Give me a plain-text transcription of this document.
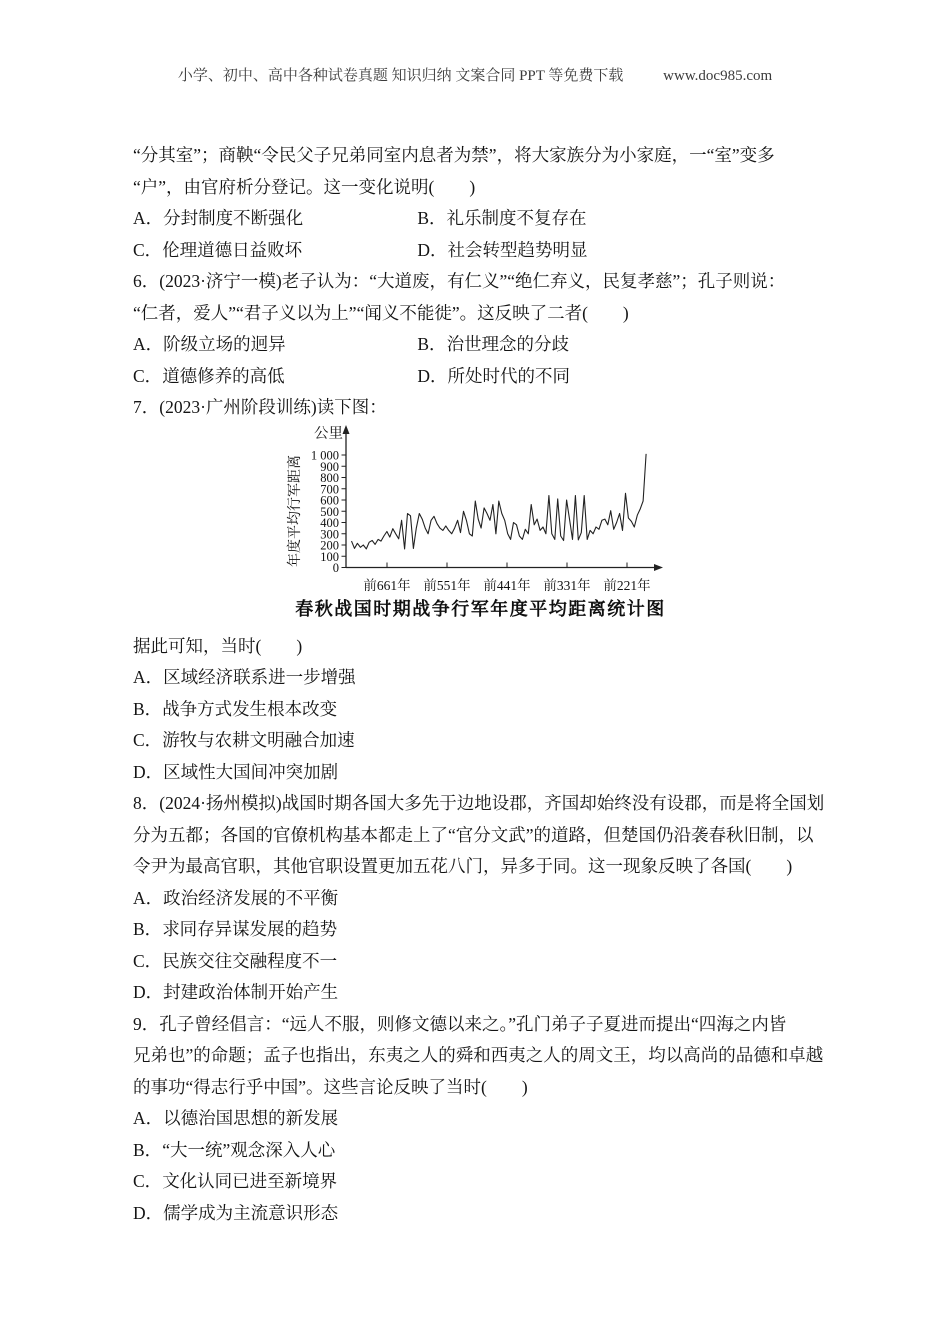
小学、初中、高中各种试卷真题 知识归纳 文案合同 PPT 等免费下载	www.doc985.com
“分其室”；商鞅“令民父子兄弟同室内息者为禁”，将大家族分为小家庭，一“室”变多
“户”，由官府析分登记。这一变化说明(　　)
A．分封制度不断强化	B．礼乐制度不复存在
C．伦理道德日益败坏	D．社会转型趋势明显
6．(2023·济宁一模)老子认为：“大道废，有仁义”“绝仁弃义，民复孝慈”；孔子则说：
“仁者，爱人”“君子义以为上”“闻义不能徙”。这反映了二者(　　)
A．阶级立场的迥异	B．治世理念的分歧
C．道德修养的高低	D．所处时代的不同
7．(2023·广州阶段训练)读下图：
公里
年度平均行军距离 1 000
900
800
700
600
500
400
300
200
100
0
前661年 前551年 前441年 前331年 前221年
春秋战国时期战争行军年度平均距离统计图
据此可知，当时(　　)
A．区域经济联系进一步增强
B．战争方式发生根本改变
C．游牧与农耕文明融合加速
D．区域性大国间冲突加剧
8．(2024·扬州模拟)战国时期各国大多先于边地设郡，齐国却始终没有设郡，而是将全国划
分为五都；各国的官僚机构基本都走上了“官分文武”的道路，但楚国仍沿袭春秋旧制，以
令尹为最高官职，其他官职设置更加五花八门，异多于同。这一现象反映了各国(　　)
A．政治经济发展的不平衡
B．求同存异谋发展的趋势
C．民族交往交融程度不一
D．封建政治体制开始产生
9．孔子曾经倡言：“远人不服，则修文德以来之。”孔门弟子子夏进而提出“四海之内皆
兄弟也”的命题；孟子也指出，东夷之人的舜和西夷之人的周文王，均以高尚的品德和卓越
的事功“得志行乎中国”。这些言论反映了当时(　　)
A．以德治国思想的新发展
B．“大一统”观念深入人心
C．文化认同已进至新境界
D．儒学成为主流意识形态
